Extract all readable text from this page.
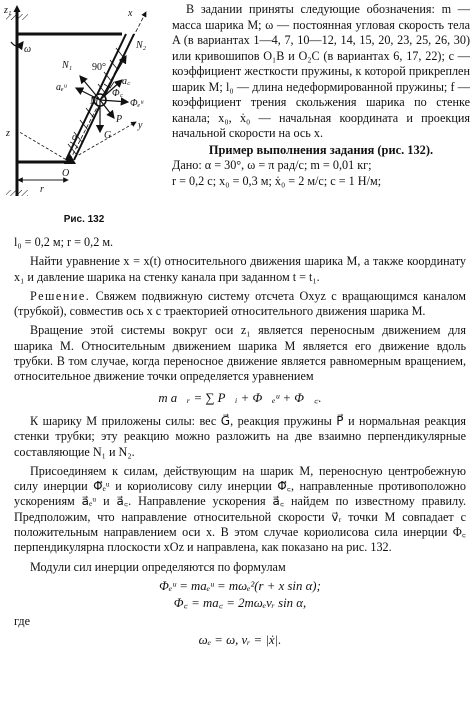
z₁
ω
x
N₂
N₁ 90°
aₑᵘ
a꜀
M	Φₑᵘ
Φ꜀
P
G
z
y
α
O
r
Рис. 132

В задании приняты следующие обозначения: m — масса шарика M; ω — постоянная угловая скорость тела A (в вариантах 1—4, 7, 10—12, 14, 15, 20, 23, 25, 26, 30) или кривошипов O₁B и O₂C (в вариантах 6, 17, 22); c — коэффициент жесткости пружины, к которой прикреплен шарик M; l₀ — длина недеформированной пружины; f — коэффициент трения скольжения шарика по стенке канала; x₀, ẋ₀ — начальная координата и проекция начальной скорости на ось x.

Пример выполнения задания (рис. 132).
Дано: α = 30°, ω = π рад/с; m = 0,01 кг;
r = 0,2 с; x₀ = 0,3 м; ẋ₀ = 2 м/с; c = 1 Н/м;

l₀ = 0,2 м; r = 0,2 м.

Найти уравнение x = x(t) относительного движения шарика M, а также координату x₁ и давление шарика на стенку канала при заданном t = t₁.

Решение. Свяжем подвижную систему отсчета Oxyz с вращающимся каналом (трубкой), совместив ось x с траекторией относительного движения шарика M.

Вращение этой системы вокруг оси z₁ является переносным движением для шарика M. Относительным движением шарика M является его движение вдоль трубки. В том случае, когда переносное движение является равномерным вращением, относительное движение точки определяется уравнением

m a⃗ᵣ = ∑ P⃗ᵢ + Φ⃗ₑᵘ + Φ⃗꜀.

К шарику M приложены силы: вес G⃗, реакция пружины P⃗ и нормальная реакция стенки трубки; эту реакцию можно разложить на две взаимно перпендикулярные составляющие N₁ и N₂.

Присоединяем к силам, действующим на шарик M, переносную центробежную силу инерции Φ⃗ₑᵘ и кориолисову силу инерции Φ⃗꜀, направленные противоположно ускорениям a⃗ₑᵘ и a⃗꜀. Направление ускорения a⃗꜀ найдем по известному правилу. Предположим, что направление относительной скорости v⃗ᵣ точки M совпадает с положительным направлением оси x. В этом случае кориолисова сила инерции Φ꜀ перпендикулярна плоскости xOz и направлена, как показано на рис. 132.

Модули сил инерции определяются по формулам

Φₑᵘ = maₑᵘ = mωₑ²(r + x sin α);
Φ꜀ = ma꜀ = 2mωₑvᵣ sin α,

где

ωₑ = ω, vᵣ = |ẋ|.
